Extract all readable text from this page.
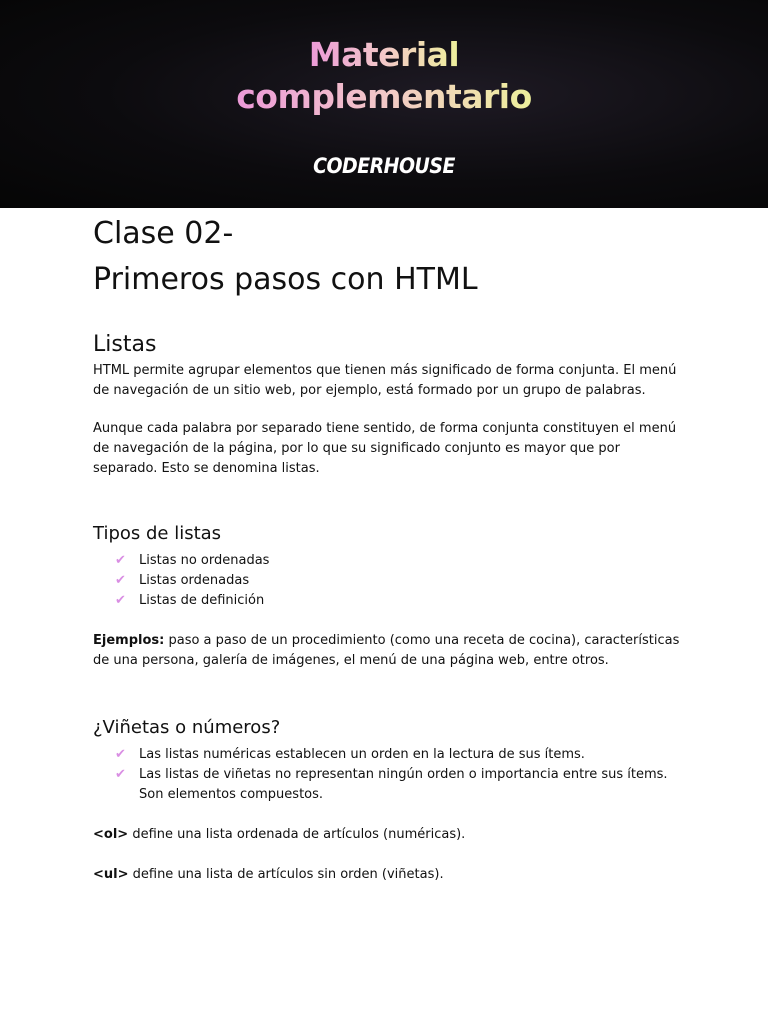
Material
complementario
CODERHOUSE
Clase 02-
Primeros pasos con HTML
Listas

HTML permite agrupar elementos que tienen más significado de forma conjunta. El menú de navegación de un sitio web, por ejemplo, está formado por un grupo de palabras.

Aunque cada palabra por separado tiene sentido, de forma conjunta constituyen el menú de navegación de la página, por lo que su significado conjunto es mayor que por separado. Esto se denomina listas.

Tipos de listas
✔ Listas no ordenadas
✔ Listas ordenadas
✔ Listas de definición

Ejemplos: paso a paso de un procedimiento (como una receta de cocina), características de una persona, galería de imágenes, el menú de una página web, entre otros.

¿Viñetas o números?
✔ Las listas numéricas establecen un orden en la lectura de sus ítems.
✔ Las listas de viñetas no representan ningún orden o importancia entre sus ítems. Son elementos compuestos.

<ol> define una lista ordenada de artículos (numéricas).

<ul> define una lista de artículos sin orden (viñetas).
